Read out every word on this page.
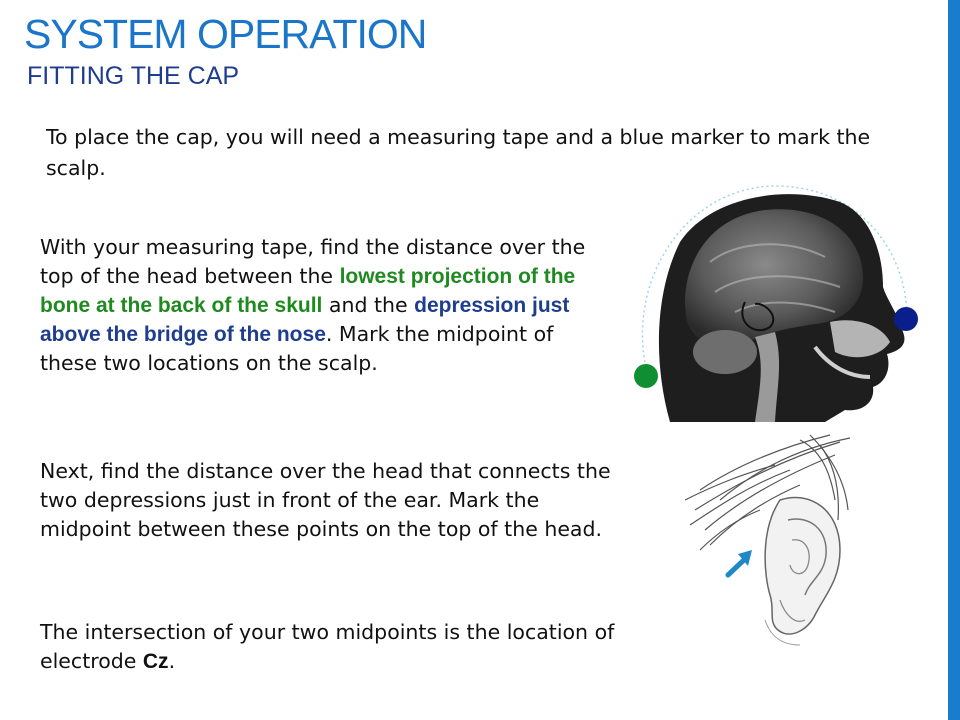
SYSTEM OPERATION
FITTING THE CAP

To place the cap, you will need a measuring tape and a blue marker to mark the scalp.

With your measuring tape, find the distance over the top of the head between the lowest projection of the bone at the back of the skull and the depression just above the bridge of the nose. Mark the midpoint of these two locations on the scalp.

Next, find the distance over the head that connects the two depressions just in front of the ear. Mark the midpoint between these points on the top of the head.

The intersection of your two midpoints is the location of electrode Cz.
